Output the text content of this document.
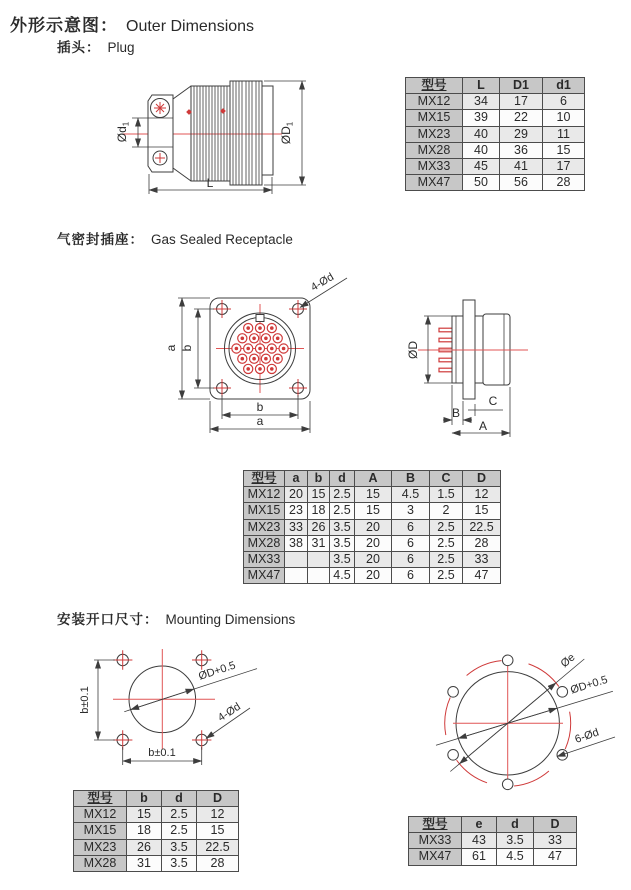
外形示意图： Outer Dimensions
插头： Plug
气密封插座： Gas Sealed Receptacle
安装开口尺寸： Mounting Dimensions
$Ød_1$
$ØD_1$
L
型号	L	D1	d1
MX12	34	17	6
MX15	39	22	10
MX23	40	29	11
MX28	40	36	15
MX33	45	41	17
MX47	50	56	28
a b
b
a
4-Ød
ØD
C
B
A
型号	a	b	d	A	B	C	D
MX12	20	15	2.5	15	4.5	1.5	12
MX15	23	18	2.5	15	3	2	15
MX23	33	26	3.5	20	6	2.5	22.5
MX28	38	31	3.5	20	6	2.5	28
MX33			3.5	20	6	2.5	33
MX47			4.5	20	6	2.5	47
ØD+0.5
4-Ød
b±0.1
b±0.1
型号	b	d	D
MX12	15	2.5	12
MX15	18	2.5	15
MX23	26	3.5	22.5
MX28	31	3.5	28
Øe
ØD+0.5
6-Ød
型号	e	d	D
MX33	43	3.5	33
MX47	61	4.5	47
